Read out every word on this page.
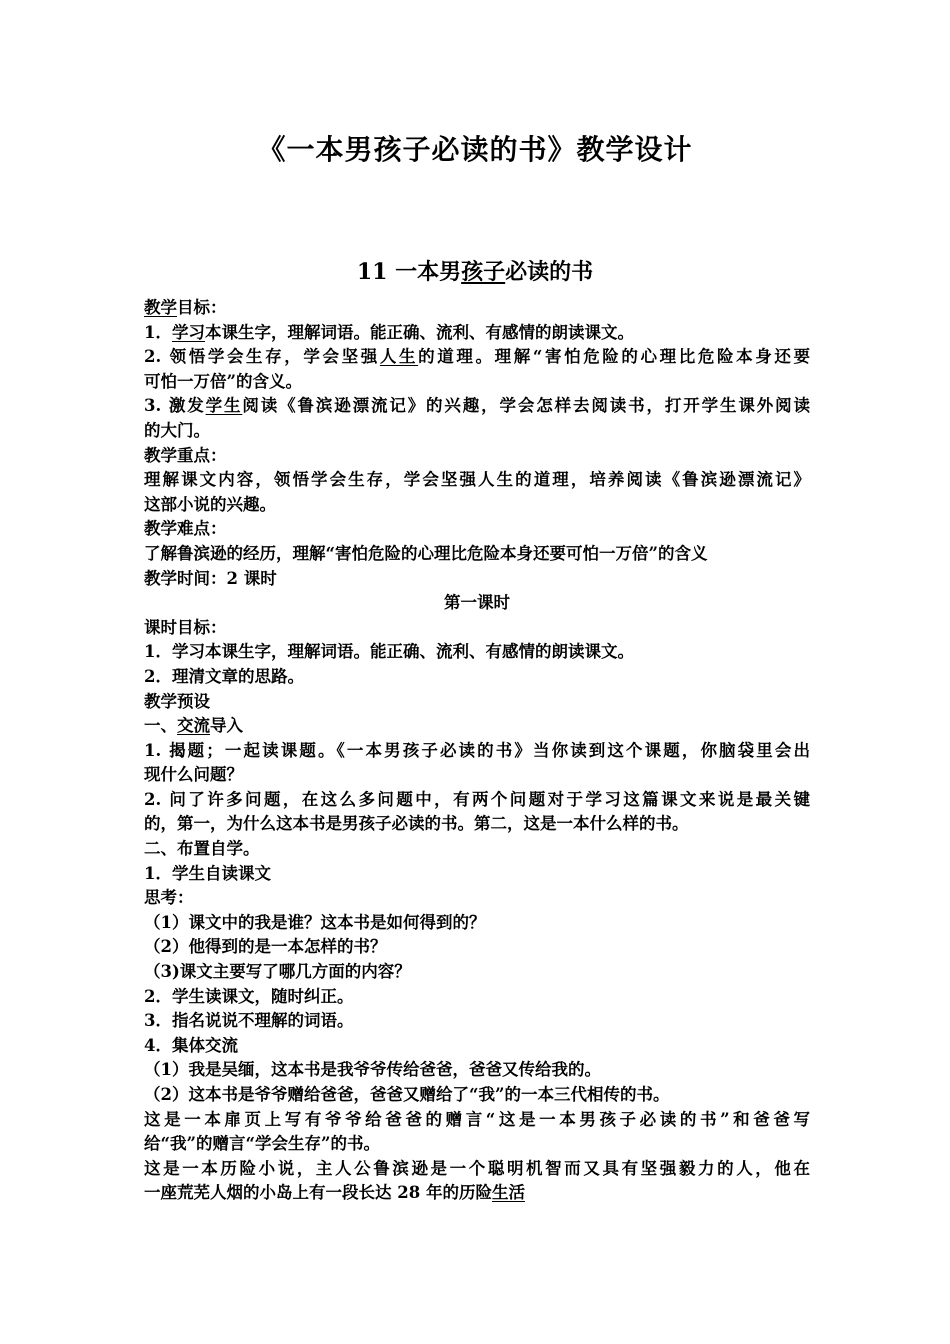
《一本男孩子必读的书》教学设计
11 一本男孩子必读的书
教学目标：
1．学习本课生字，理解词语。能正确、流利、有感情的朗读课文。
2. 领悟学会生存，学会坚强人生的道理。理解“害怕危险的心理比危险本身还要
可怕一万倍”的含义。
3. 激发学生阅读《鲁滨逊漂流记》的兴趣，学会怎样去阅读书，打开学生课外阅读
的大门。
教学重点：
理解课文内容，领悟学会生存，学会坚强人生的道理，培养阅读《鲁滨逊漂流记》
这部小说的兴趣。
教学难点：
了解鲁滨逊的经历，理解“害怕危险的心理比危险本身还要可怕一万倍”的含义
教学时间：2 课时
第一课时
课时目标：
1．学习本课生字，理解词语。能正确、流利、有感情的朗读课文。
2．理清文章的思路。
教学预设
一、交流导入
1. 揭题；一起读课题。《一本男孩子必读的书》当你读到这个课题，你脑袋里会出
现什么问题？
2. 问了许多问题，在这么多问题中，有两个问题对于学习这篇课文来说是最关键
的，第一，为什么这本书是男孩子必读的书。第二，这是一本什么样的书。
二、布置自学。
1．学生自读课文
思考：
（1）课文中的我是谁？这本书是如何得到的？
（2）他得到的是一本怎样的书？
（3)课文主要写了哪几方面的内容？
2．学生读课文，随时纠正。
3．指名说说不理解的词语。
4．集体交流
（1）我是吴缅，这本书是我爷爷传给爸爸，爸爸又传给我的。
（2）这本书是爷爷赠给爸爸，爸爸又赠给了“我”的一本三代相传的书。
这是一本扉页上写有爷爷给爸爸的赠言“这是一本男孩子必读的书”和爸爸写
给“我”的赠言“学会生存”的书。
这是一本历险小说，主人公鲁滨逊是一个聪明机智而又具有坚强毅力的人，他在
一座荒芜人烟的小岛上有一段长达 28 年的历险生活
